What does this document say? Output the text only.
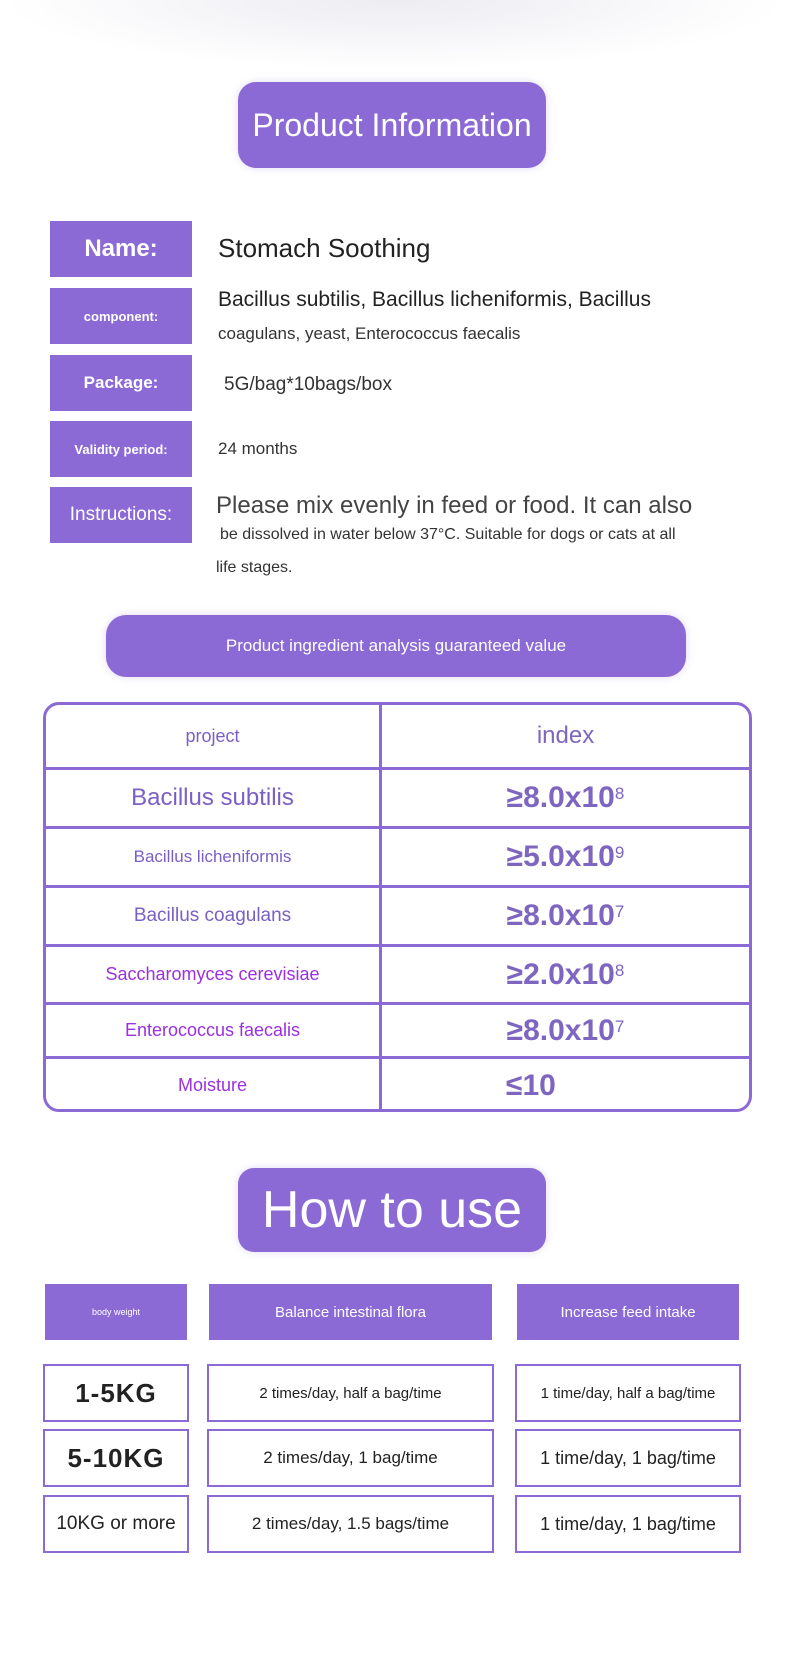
Product Information
Name:	Stomach Soothing
component:
Bacillus subtilis, Bacillus licheniformis, Bacillus
coagulans, yeast, Enterococcus faecalis
Package:	5G/bag*10bags/box
Validity period:	24 months
Instructions:	Please mix evenly in feed or food. It can also
be dissolved in water below 37°C. Suitable for dogs or cats at all
life stages.
Product ingredient analysis guaranteed value
project	index
Bacillus subtilis	$\ge 8.0x10^8$
Bacillus licheniformis	$\ge 5.0x10^9$
Bacillus coagulans	$\ge 8.0x10^7$
Saccharomyces cerevisiae	$\ge 2.0x10^8$
Enterococcus faecalis	$\ge 8.0x10^7$
Moisture	≤10
How to use
body weight	Balance intestinal flora	Increase feed intake
1-5KG	2 times/day, half a bag/time	1 time/day, half a bag/time
5-10KG	2 times/day, 1 bag/time	1 time/day, 1 bag/time
10KG or more	2 times/day, 1.5 bags/time	1 time/day, 1 bag/time
